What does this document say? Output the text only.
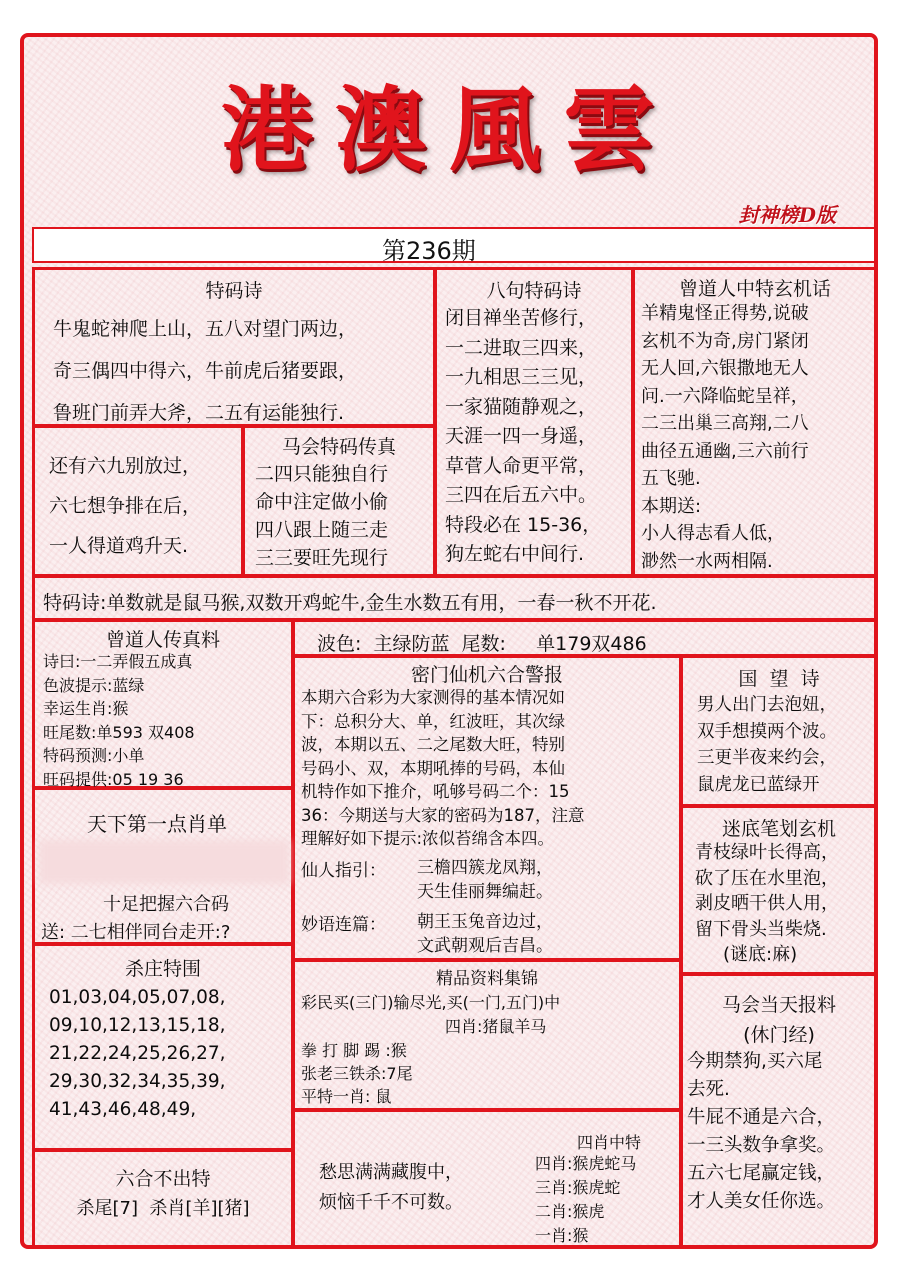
港澳風雲
封神榜D版
第236期
特码诗

牛鬼蛇神爬上山，五八对望门两边，

奇三偶四中得六，牛前虎后猪要跟，

鲁班门前弄大斧，二五有运能独行.

还有六九别放过，

六七想争排在后，

一人得道鸡升天.

马会特码传真

二四只能独自行

命中注定做小偷

四八跟上随三走

三三要旺先现行

八句特码诗

闭目禅坐苦修行，

一二进取三四来，

一九相思三三见，

一家猫随静观之，

天涯一四一身遥，

草菅人命更平常，

三四在后五六中。

特段必在 15-36，

狗左蛇右中间行.

曾道人中特玄机话

羊精鬼怪正得势,说破

玄机不为奇,房门紧闭

无人回,六银撒地无人

问.一六降临蛇呈祥，

二三出巢三高翔,二八

曲径五通幽,三六前行

五飞驰.

本期送:

小人得志看人低，

渺然一水两相隔.

特码诗:单数就是鼠马猴,双数开鸡蛇牛,金生水数五有用，一春一秋不开花.
曾道人传真料

诗曰:一二弄假五成真

色波提示:蓝绿

幸运生肖:猴

旺尾数:单593 双408

特码预测:小单

旺码提供:05 19 36

波色:  主绿防蓝  尾数:     单179双486
密门仙机六合警报

本期六合彩为大家测得的基本情况如

下：总积分大、单，红波旺，其次绿

波，本期以五、二之尾数大旺，特别

号码小、双，本期吼捧的号码，本仙

机特作如下推介，吼够号码二个：15

36：今期送与大家的密码为187，注意

理解好如下提示:浓似苔绵含本四。

仙人指引： 三檐四簇龙凤翔，

天生佳丽舞编赶。

妙语连篇： 朝王玉兔音边过，

文武朝观后吉昌。

国  望  诗

男人出门去泡妞，

双手想摸两个波。

三更半夜来约会，

鼠虎龙已蓝绿开

天下第一点肖单
十足把握六合码
送: 二七相伴同台走开:?
迷底笔划玄机

青枝绿叶长得高，

砍了压在水里泡，

剥皮晒干供人用，

留下骨头当柴烧.

(谜底:麻)

杀庄特围

01,03,04,05,07,08,

09,10,12,13,15,18,

21,22,24,25,26,27,

29,30,32,34,35,39,

41,43,46,48,49,

精品资料集锦
彩民买(三门)输尽光,买(一门,五门)中
四肖:猪鼠羊马
拳 打 脚 踢 :猴
张老三铁杀:7尾
平特一肖: 鼠
马会当天报料
(休门经)

今期禁狗,买六尾

去死.

牛屁不通是六合，

一三头数争拿奖。

五六七尾赢定钱，

才人美女任你选。

六合不出特
杀尾[7]  杀肖[羊][猪]

愁思满满藏腹中，

烦恼千千不可数。

四肖中特

四肖:猴虎蛇马

三肖:猴虎蛇

二肖:猴虎

一肖:猴
